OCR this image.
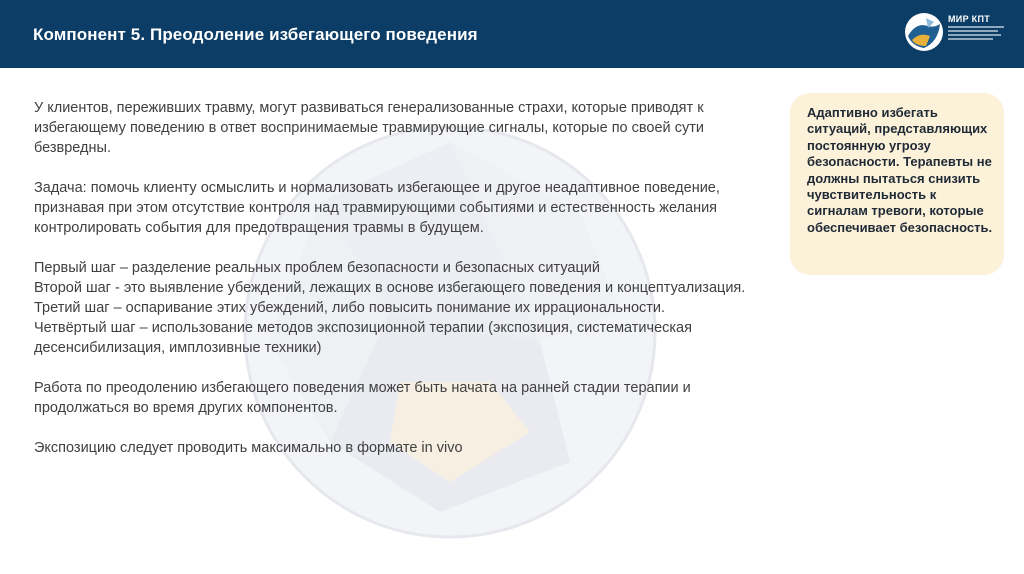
Компонент 5. Преодоление избегающего поведения
МИР КПТ

У клиентов, переживших травму, могут развиваться генерализованные страхи, которые приводят к избегающему поведению в ответ воспринимаемые травмирующие сигналы, которые по своей сути безвредны.

Задача: помочь клиенту осмыслить и нормализовать избегающее и другое неадаптивное поведение, признавая при этом отсутствие контроля над травмирующими событиями и естественность желания контролировать события для предотвращения травмы в будущем.

Первый шаг – разделение реальных проблем безопасности и безопасных ситуаций

Второй шаг - это выявление убеждений, лежащих в основе избегающего поведения и концептуализация.

Третий шаг – оспаривание этих убеждений, либо повысить понимание их иррациональности.

Четвёртый шаг – использование методов экспозиционной терапии (экспозиция, систематическая десенсибилизация, имплозивные техники)

Работа по преодолению избегающего поведения может быть начата на ранней стадии терапии и продолжаться во время других компонентов.

Экспозицию следует проводить максимально в формате in vivo

Адаптивно избегать ситуаций, представляющих постоянную угрозу безопасности. Терапевты не должны пытаться снизить чувствительность к сигналам тревоги, которые обеспечивает безопасность.
